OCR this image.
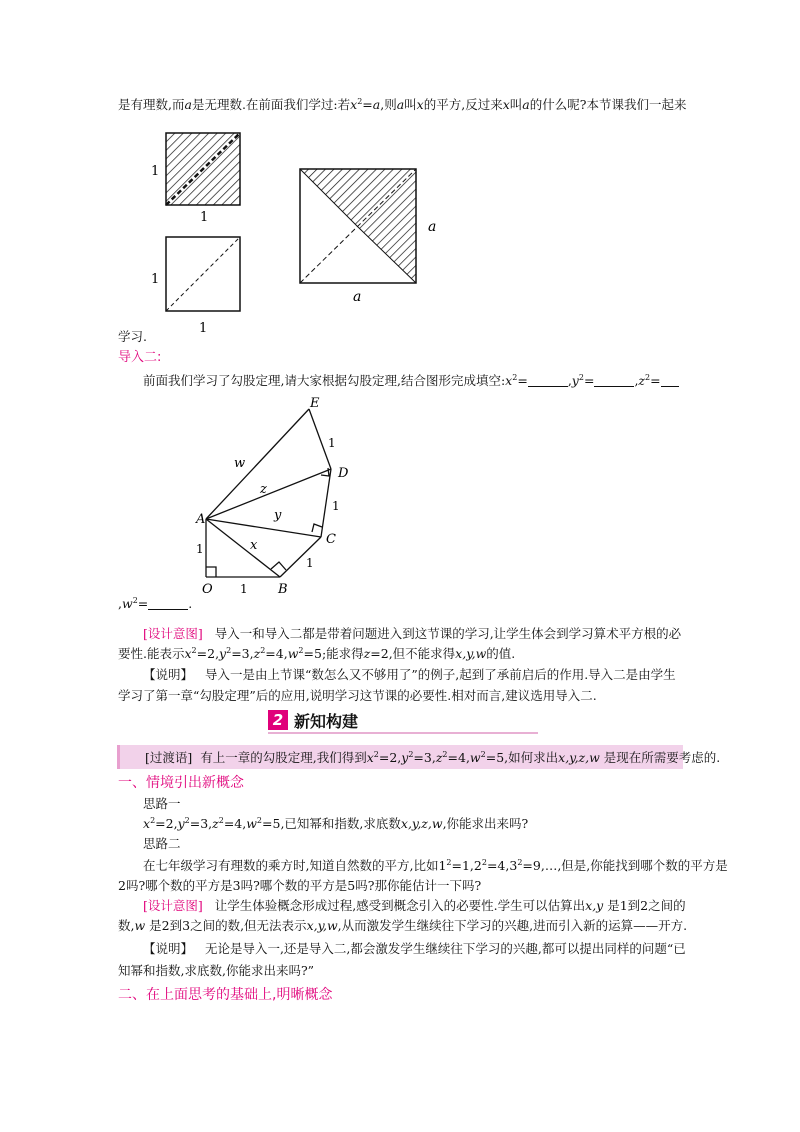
是有理数,而a是无理数.在前面我们学过:若$x^2=a$,则a叫x的平方,反过来x叫a的什么呢?本节课我们一起来
1
1
1
1
a
a
学习.
导入二:
前面我们学习了勾股定理,请大家根据勾股定理,结合图形完成填空$:x^2=$	$,y^2=$	$,z^2=$
E
D
C
B
A
O
w
z
y
x
1
1
1
1
1
$,w^2=$	.
[设计意图] 导入一和导入二都是带着问题进入到这节课的学习,让学生体会到学习算术平方根的必
要性.能表示$x^2=2,y^2=3,z^2=4,w^2=5$;能求得z=2,但不能求得x,y,w的值.
【说明】 导入一是由上节课“数怎么又不够用了”的例子,起到了承前启后的作用.导入二是由学生
学习了第一章“勾股定理”后的应用,说明学习这节课的必要性.相对而言,建议选用导入二.
2 新知构建
[过渡语] 有上一章的勾股定理,我们得到$x^2=2,y^2=3,z^2=4,w^2=5$,如何求出x,y,z,w 是现在所需要考虑的.
一、情境引出新概念
思路一
$x^2=2,y^2=3,z^2=4,w^2=5$,已知幂和指数,求底数x,y,z,w,你能求出来吗?
思路二
在七年级学习有理数的乘方时,知道自然数的平方,比如$1^2=1,2^2=4,3^2=9,\dots$,但是,你能找到哪个数的平方是
2吗?哪个数的平方是3吗?哪个数的平方是5吗?那你能估计一下吗?
[设计意图] 让学生体验概念形成过程,感受到概念引入的必要性.学生可以估算出x,y 是1到2之间的
数,w 是2到3之间的数,但无法表示x,y,w,从而激发学生继续往下学习的兴趣,进而引入新的运算——开方.
【说明】 无论是导入一,还是导入二,都会激发学生继续往下学习的兴趣,都可以提出同样的问题“已
知幂和指数,求底数,你能求出来吗?”
二、在上面思考的基础上,明晰概念
